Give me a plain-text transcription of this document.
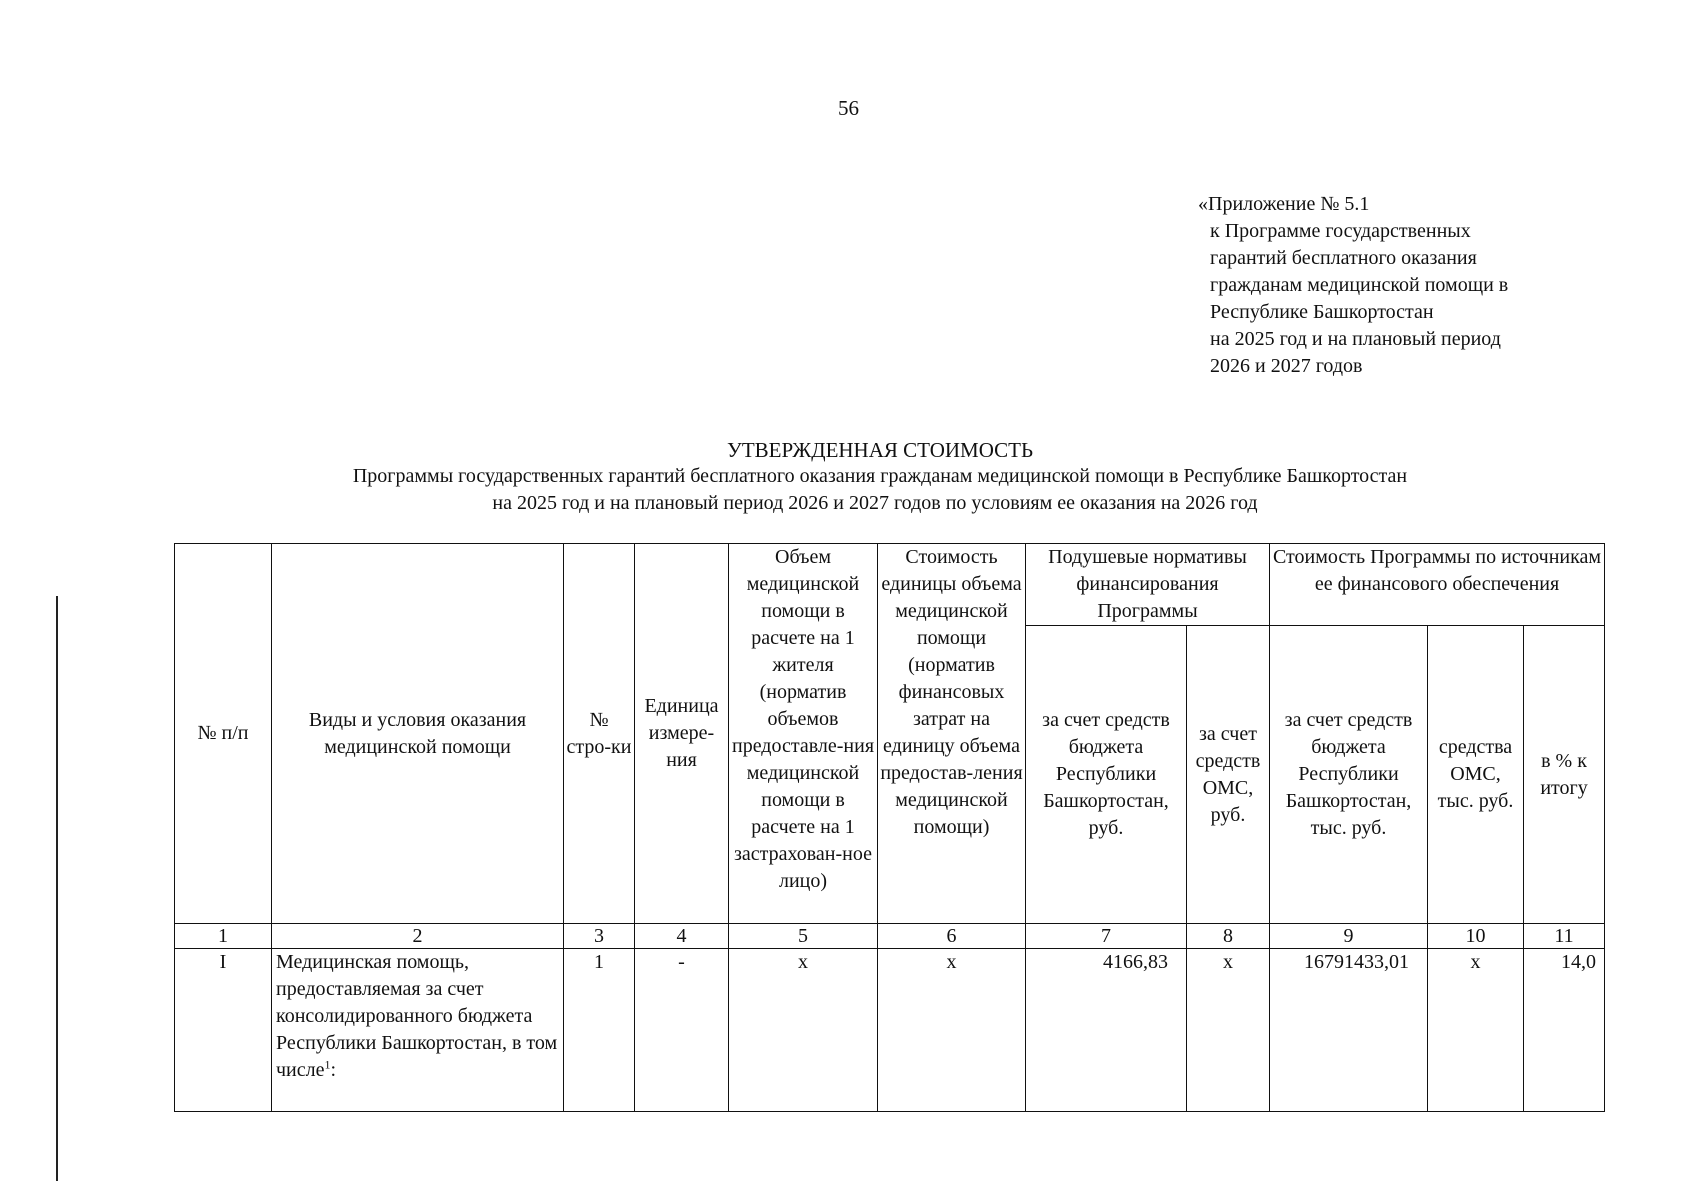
56
«Приложение № 5.1
к Программе государственных
гарантий бесплатного оказания
гражданам медицинской помощи в
Республике Башкортостан
на 2025 год и на плановый период
2026 и 2027 годов
УТВЕРЖДЕННАЯ СТОИМОСТЬ
Программы государственных гарантий бесплатного оказания гражданам медицинской помощи в Республике Башкортостан
на 2025 год и на плановый период 2026 и 2027 годов по условиям ее оказания на 2026 год
№ п/п	Виды и условия оказания медицинской помощи	№ стро-ки	Единица измере-ния	Объем медицинской помощи в расчете на 1 жителя (норматив объемов предоставле-ния медицинской помощи в расчете на 1 застрахован-ное лицо)	Стоимость единицы объема медицинской помощи (норматив финансовых затрат на единицу объема предостав-ления медицинской помощи)	Подушевые нормативы финансирования Программы		Стоимость Программы по источникам ее финансового обеспечения		
						за счет средств бюджета Республики Башкортостан, руб.	за счет средств ОМС, руб.	за счет средств бюджета Республики Башкортостан, тыс. руб.	средства ОМС, тыс. руб.	в % к итогу
1	2	3	4	5	6	7	8	9	10	11
I	Медицинская помощь, предоставляемая за счет консолидированного бюджета Республики Башкортостан, в том числе$^1$:	1	-	х	х	4166,83	х	16791433,01	х	14,0
